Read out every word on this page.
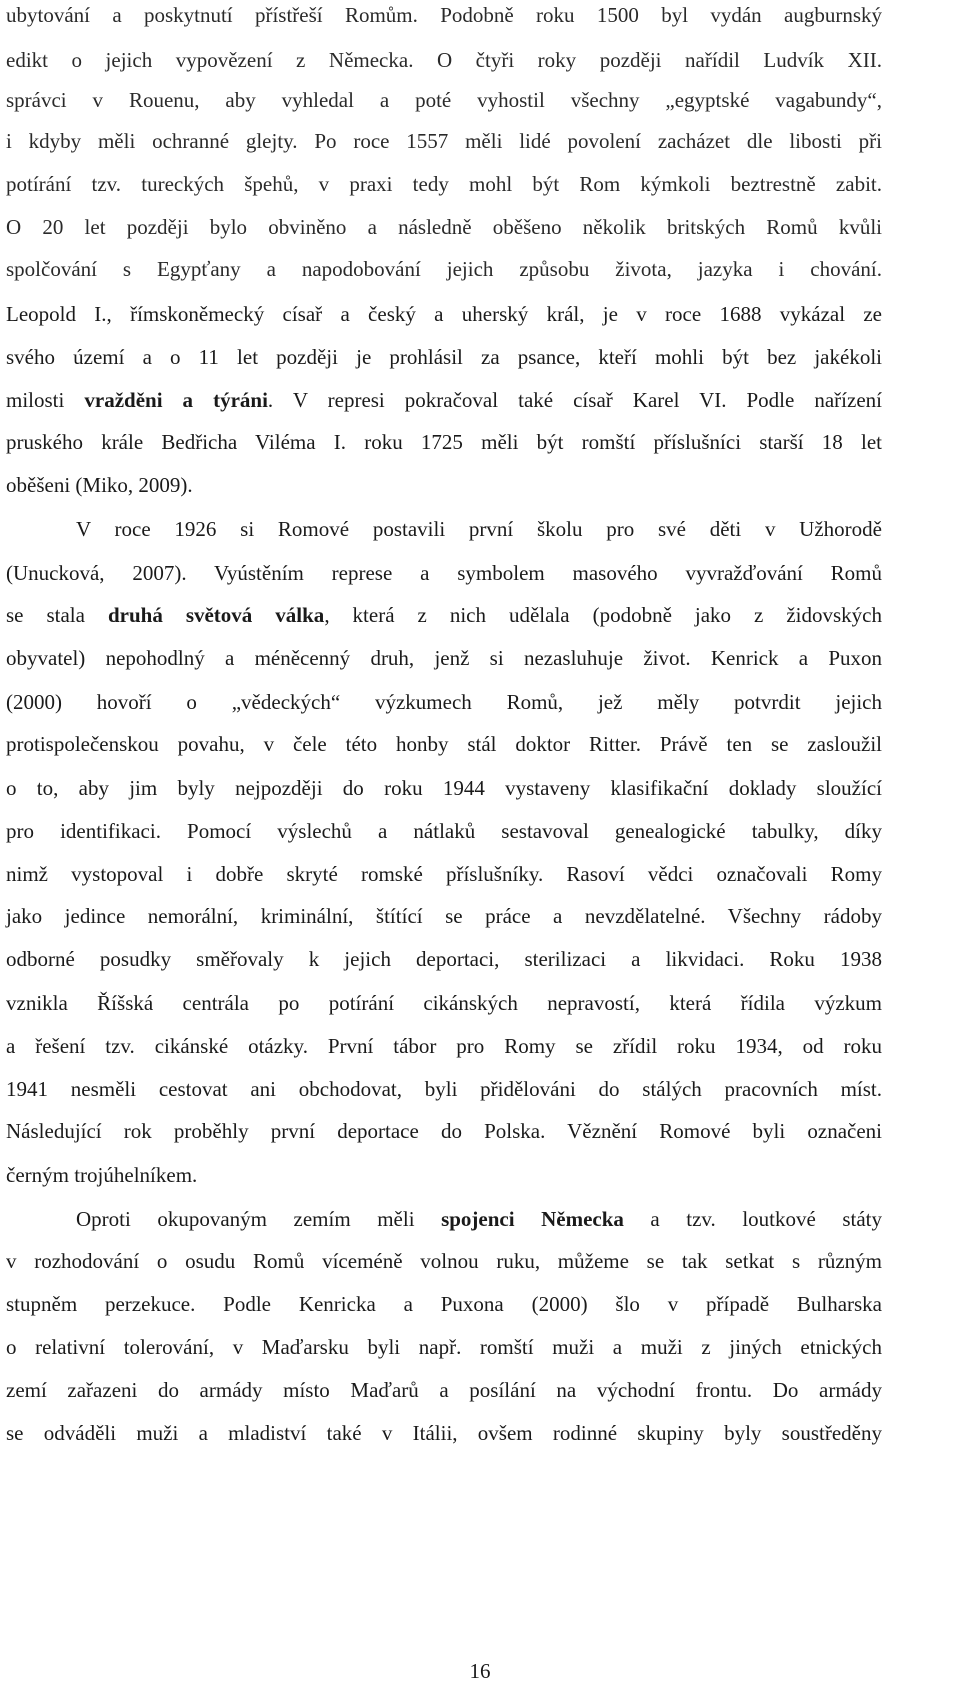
ubytování a poskytnutí přístřeší Romům. Podobně roku 1500 byl vydán augburnský
edikt o jejich vypovězení z Německa. O čtyři roky později nařídil Ludvík XII.
správci v Rouenu, aby vyhledal a poté vyhostil všechny „egyptské vagabundy“,
i kdyby měli ochranné glejty. Po roce 1557 měli lidé povolení zacházet dle libosti při
potírání tzv. tureckých špehů, v praxi tedy mohl být Rom kýmkoli beztrestně zabit.
O 20 let později bylo obviněno a následně oběšeno několik britských Romů kvůli
spolčování s Egypťany a napodobování jejich způsobu života, jazyka i chování.
Leopold I., římskoněmecký císař a český a uherský král, je v roce 1688 vykázal ze
svého území a o 11 let později je prohlásil za psance, kteří mohli být bez jakékoli
milosti vražděni a týráni. V represi pokračoval také císař Karel VI. Podle nařízení
pruského krále Bedřicha Viléma I. roku 1725 měli být romští příslušníci starší 18 let
oběšeni (Miko, 2009).
V roce 1926 si Romové postavili první školu pro své děti v Užhorodě
(Unucková, 2007). Vyústěním represe a symbolem masového vyvražďování Romů
se stala druhá světová válka, která z nich udělala (podobně jako z židovských
obyvatel) nepohodlný a méněcenný druh, jenž si nezasluhuje život. Kenrick a Puxon
(2000) hovoří o „vědeckých“ výzkumech Romů, jež měly potvrdit jejich
protispolečenskou povahu, v čele této honby stál doktor Ritter. Právě ten se zasloužil
o to, aby jim byly nejpozději do roku 1944 vystaveny klasifikační doklady sloužící
pro identifikaci. Pomocí výslechů a nátlaků sestavoval genealogické tabulky, díky
nimž vystopoval i dobře skryté romské příslušníky. Rasoví vědci označovali Romy
jako jedince nemorální, kriminální, štítící se práce a nevzdělatelné. Všechny rádoby
odborné posudky směřovaly k jejich deportaci, sterilizaci a likvidaci. Roku 1938
vznikla Říšská centrála po potírání cikánských nepravostí, která řídila výzkum
a řešení tzv. cikánské otázky. První tábor pro Romy se zřídil roku 1934, od roku
1941 nesměli cestovat ani obchodovat, byli přidělováni do stálých pracovních míst.
Následující rok proběhly první deportace do Polska. Věznění Romové byli označeni
černým trojúhelníkem.
Oproti okupovaným zemím měli spojenci Německa a tzv. loutkové státy
v rozhodování o osudu Romů víceméně volnou ruku, můžeme se tak setkat s různým
stupněm perzekuce. Podle Kenricka a Puxona (2000) šlo v případě Bulharska
o relativní tolerování, v Maďarsku byli např. romští muži a muži z jiných etnických
zemí zařazeni do armády místo Maďarů a posílání na východní frontu. Do armády
se odváděli muži a mladiství také v Itálii, ovšem rodinné skupiny byly soustředěny
16
